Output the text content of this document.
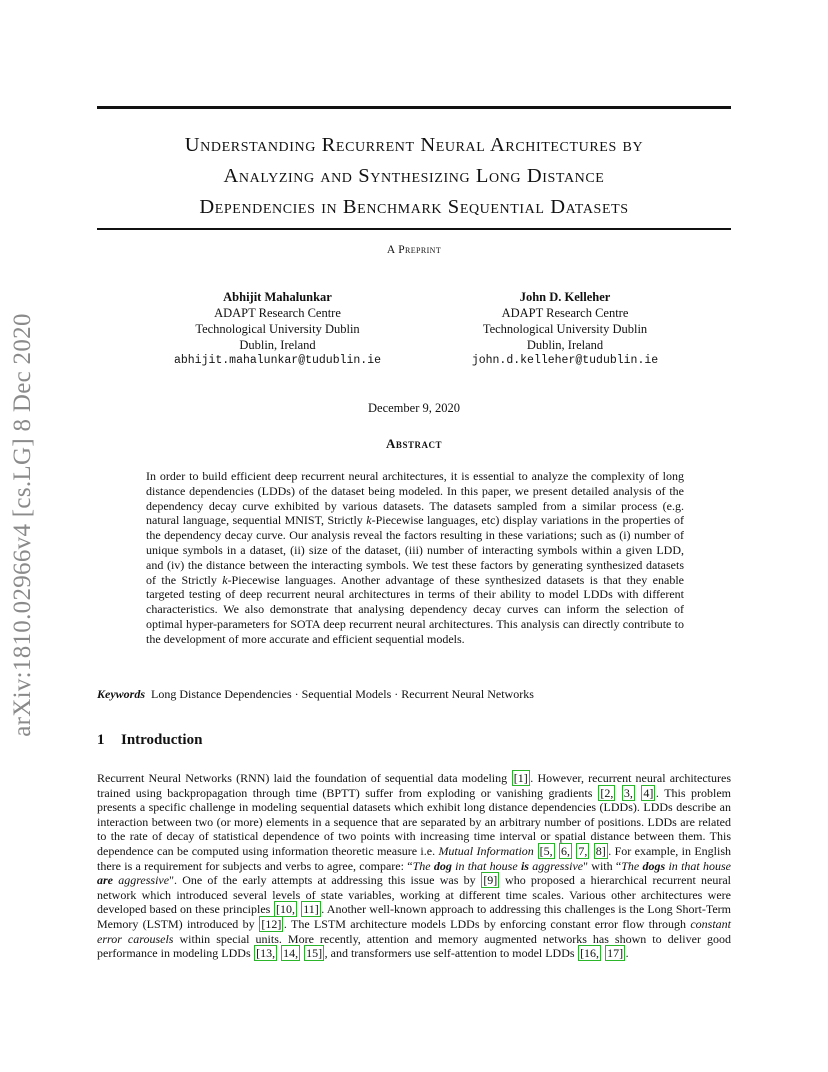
arXiv:1810.02966v4 [cs.LG] 8 Dec 2020
Understanding Recurrent Neural Architectures by
Analyzing and Synthesizing Long Distance
Dependencies in Benchmark Sequential Datasets
A Preprint
Abhijit Mahalunkar
ADAPT Research Centre
Technological University Dublin
Dublin, Ireland
abhijit.mahalunkar@tudublin.ie
John D. Kelleher
ADAPT Research Centre
Technological University Dublin
Dublin, Ireland
john.d.kelleher@tudublin.ie
December 9, 2020
Abstract
In order to build efficient deep recurrent neural architectures, it is essential to analyze the complexity of long distance dependencies (LDDs) of the dataset being modeled. In this paper, we present detailed analysis of the dependency decay curve exhibited by various datasets. The datasets sampled from a similar process (e.g. natural language, sequential MNIST, Strictly k-Piecewise languages, etc) display variations in the properties of the dependency decay curve. Our analysis reveal the factors resulting in these variations; such as (i) number of unique symbols in a dataset, (ii) size of the dataset, (iii) number of interacting symbols within a given LDD, and (iv) the distance between the interacting symbols. We test these factors by generating synthesized datasets of the Strictly k-Piecewise languages. Another advantage of these synthesized datasets is that they enable targeted testing of deep recurrent neural architectures in terms of their ability to model LDDs with different characteristics. We also demonstrate that analysing dependency decay curves can inform the selection of optimal hyper-parameters for SOTA deep recurrent neural architectures. This analysis can directly contribute to the development of more accurate and efficient sequential models.
Keywords Long Distance Dependencies · Sequential Models · Recurrent Neural Networks
1 Introduction
Recurrent Neural Networks (RNN) laid the foundation of sequential data modeling [1] . However, recurrent neural architectures trained using backpropagation through time (BPTT) suffer from exploding or vanishing gradients [2, 3, 4] . This problem presents a specific challenge in modeling sequential datasets which exhibit long distance dependencies (LDDs). LDDs describe an interaction between two (or more) elements in a sequence that are separated by an arbitrary number of positions. LDDs are related to the rate of decay of statistical dependence of two points with increasing time interval or spatial distance between them. This dependence can be computed using information theoretic measure i.e. Mutual Information [5, 6, 7, 8] . For example, in English there is a requirement for subjects and verbs to agree, compare: “The dog in that house is aggressive" with “The dogs in that house are aggressive". One of the early attempts at addressing this issue was by [9] who proposed a hierarchical recurrent neural network which introduced several levels of state variables, working at different time scales. Various other architectures were developed based on these principles [10, 11] . Another well-known approach to addressing this challenges is the Long Short-Term Memory (LSTM) introduced by [12] . The LSTM architecture models LDDs by enforcing constant error flow through constant error carousels within special units. More recently, attention and memory augmented networks has shown to deliver good performance in modeling LDDs [13, 14, 15] , and transformers use self-attention to model LDDs [16, 17] .
